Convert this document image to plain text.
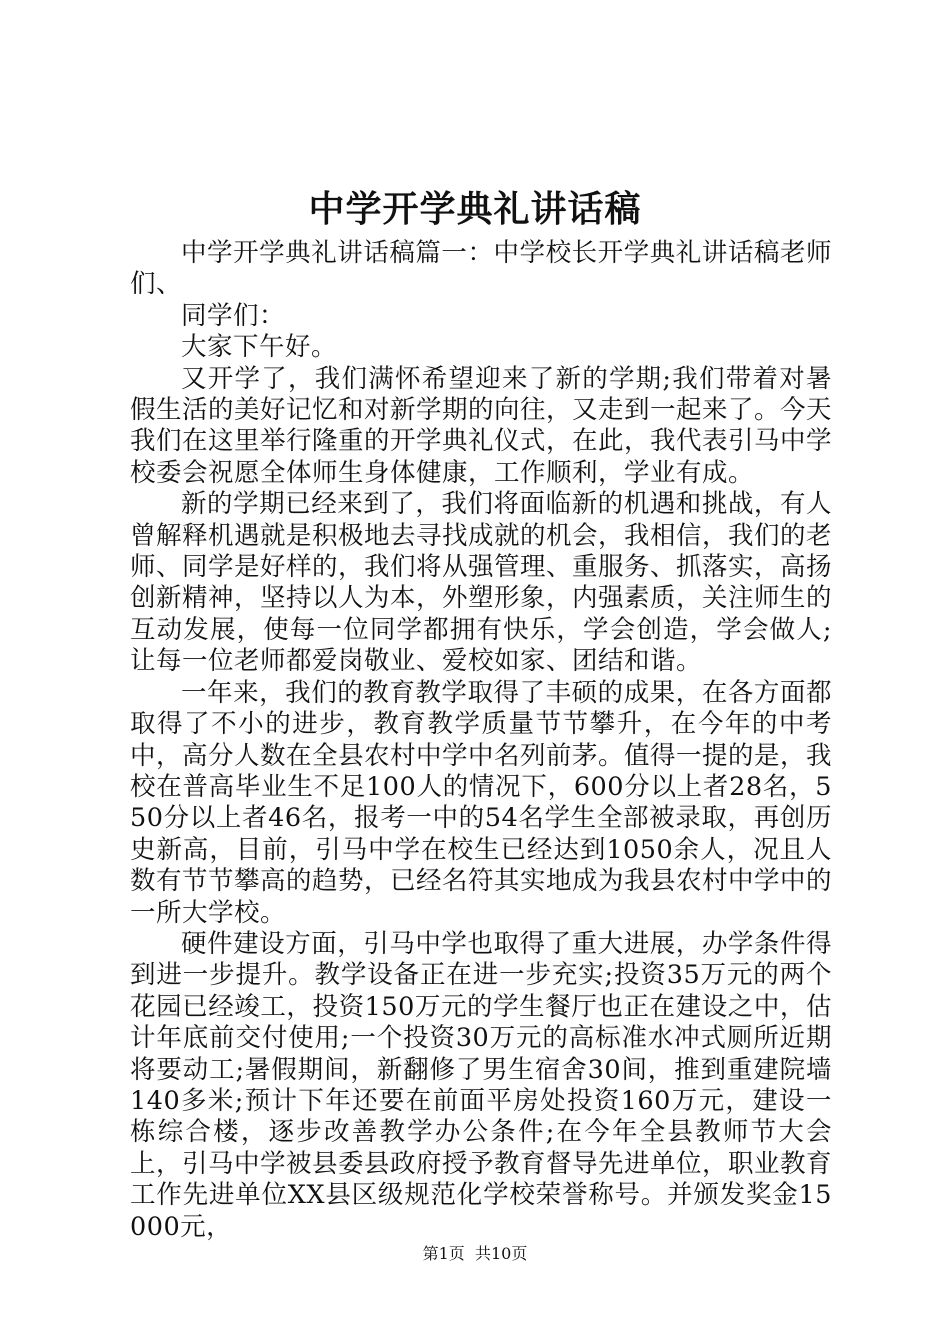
中学开学典礼讲话稿

中学开学典礼讲话稿篇一：中学校长开学典礼讲话稿老师们、

同学们：

大家下午好。

又开学了，我们满怀希望迎来了新的学期;我们带着对暑假生活的美好记忆和对新学期的向往，又走到一起来了。今天我们在这里举行隆重的开学典礼仪式，在此，我代表引马中学校委会祝愿全体师生身体健康，工作顺利，学业有成。

新的学期已经来到了，我们将面临新的机遇和挑战，有人曾解释机遇就是积极地去寻找成就的机会，我相信，我们的老师、同学是好样的，我们将从强管理、重服务、抓落实，高扬创新精神，坚持以人为本，外塑形象，内强素质，关注师生的互动发展，使每一位同学都拥有快乐，学会创造，学会做人;让每一位老师都爱岗敬业、爱校如家、团结和谐。

一年来，我们的教育教学取得了丰硕的成果，在各方面都取得了不小的进步，教育教学质量节节攀升，在今年的中考中，高分人数在全县农村中学中名列前茅。值得一提的是，我校在普高毕业生不足100人的情况下，600分以上者28名，550分以上者46名，报考一中的54名学生全部被录取，再创历史新高，目前，引马中学在校生已经达到1050余人，况且人数有节节攀高的趋势，已经名符其实地成为我县农村中学中的一所大学校。

硬件建设方面，引马中学也取得了重大进展，办学条件得到进一步提升。教学设备正在进一步充实;投资35万元的两个花园已经竣工，投资150万元的学生餐厅也正在建设之中，估计年底前交付使用;一个投资30万元的高标准水冲式厕所近期将要动工;暑假期间，新翻修了男生宿舍30间，推到重建院墙140多米;预计下年还要在前面平房处投资160万元，建设一栋综合楼，逐步改善教学办公条件;在今年全县教师节大会上，引马中学被县委县政府授予教育督导先进单位，职业教育工作先进单位XX县区级规范化学校荣誉称号。并颁发奖金15000元，

第1页 共10页
